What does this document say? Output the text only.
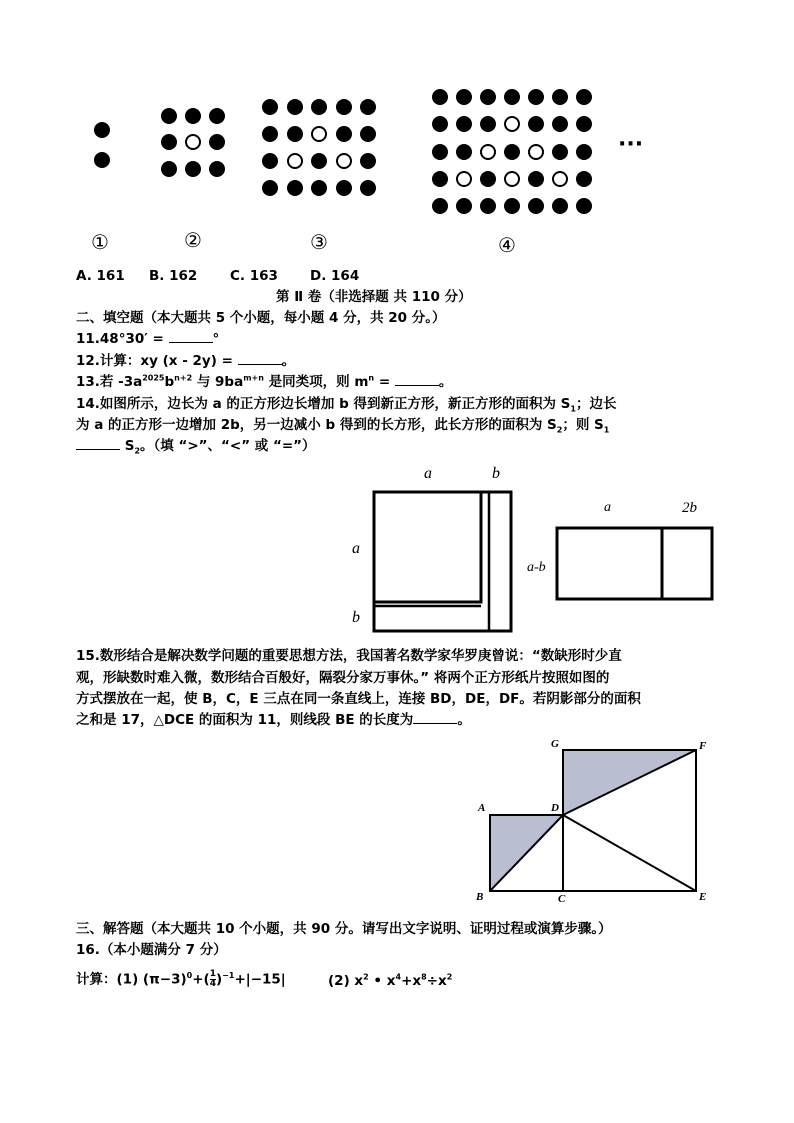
···
①	②	③	④
A. 161 B. 162 C. 163 D. 164
第 Ⅱ 卷（非选择题 共 110 分）
二、填空题（本大题共 5 个小题，每小题 4 分，共 20 分。）
11.48°30′ =	°
12.计算：xy (x - 2y) =	。
13.若 $-3a^{2025}b^{n+2}$ 与 $9ba^{m+n}$ 是同类项，则 $m^n$ =	。
14.如图所示，边长为 a 的正方形边长增加 b 得到新正方形，新正方形的面积为 $S_1$；边长
为 a 的正方形一边增加 2b，另一边减小 b 得到的长方形，此长方形的面积为 $S_2$；则 $S_1$
$S_2$。（填 “>”、“<” 或 “=”）
a	b
a
b
a	2b
a-b
15.数形结合是解决数学问题的重要思想方法，我国著名数学家华罗庚曾说：“数缺形时少直
观，形缺数时难入微，数形结合百般好，隔裂分家万事休。” 将两个正方形纸片按照如图的
方式摆放在一起，使 B，C，E 三点在同一条直线上，连接 BD，DE，DF。若阴影部分的面积
之和是 17，△DCE 的面积为 11，则线段 BE 的长度为	。
G	F
A	D
B	C	E
三、解答题（本大题共 10 个小题，共 90 分。请写出文字说明、证明过程或演算步骤。）
16.（本小题满分 7 分）
计算：(1) $(\pi-3)^0+( \frac{1}{4} )^{-1}+|-15|$	(2) $x^2$ • $x^4+x^8\div x^2$
